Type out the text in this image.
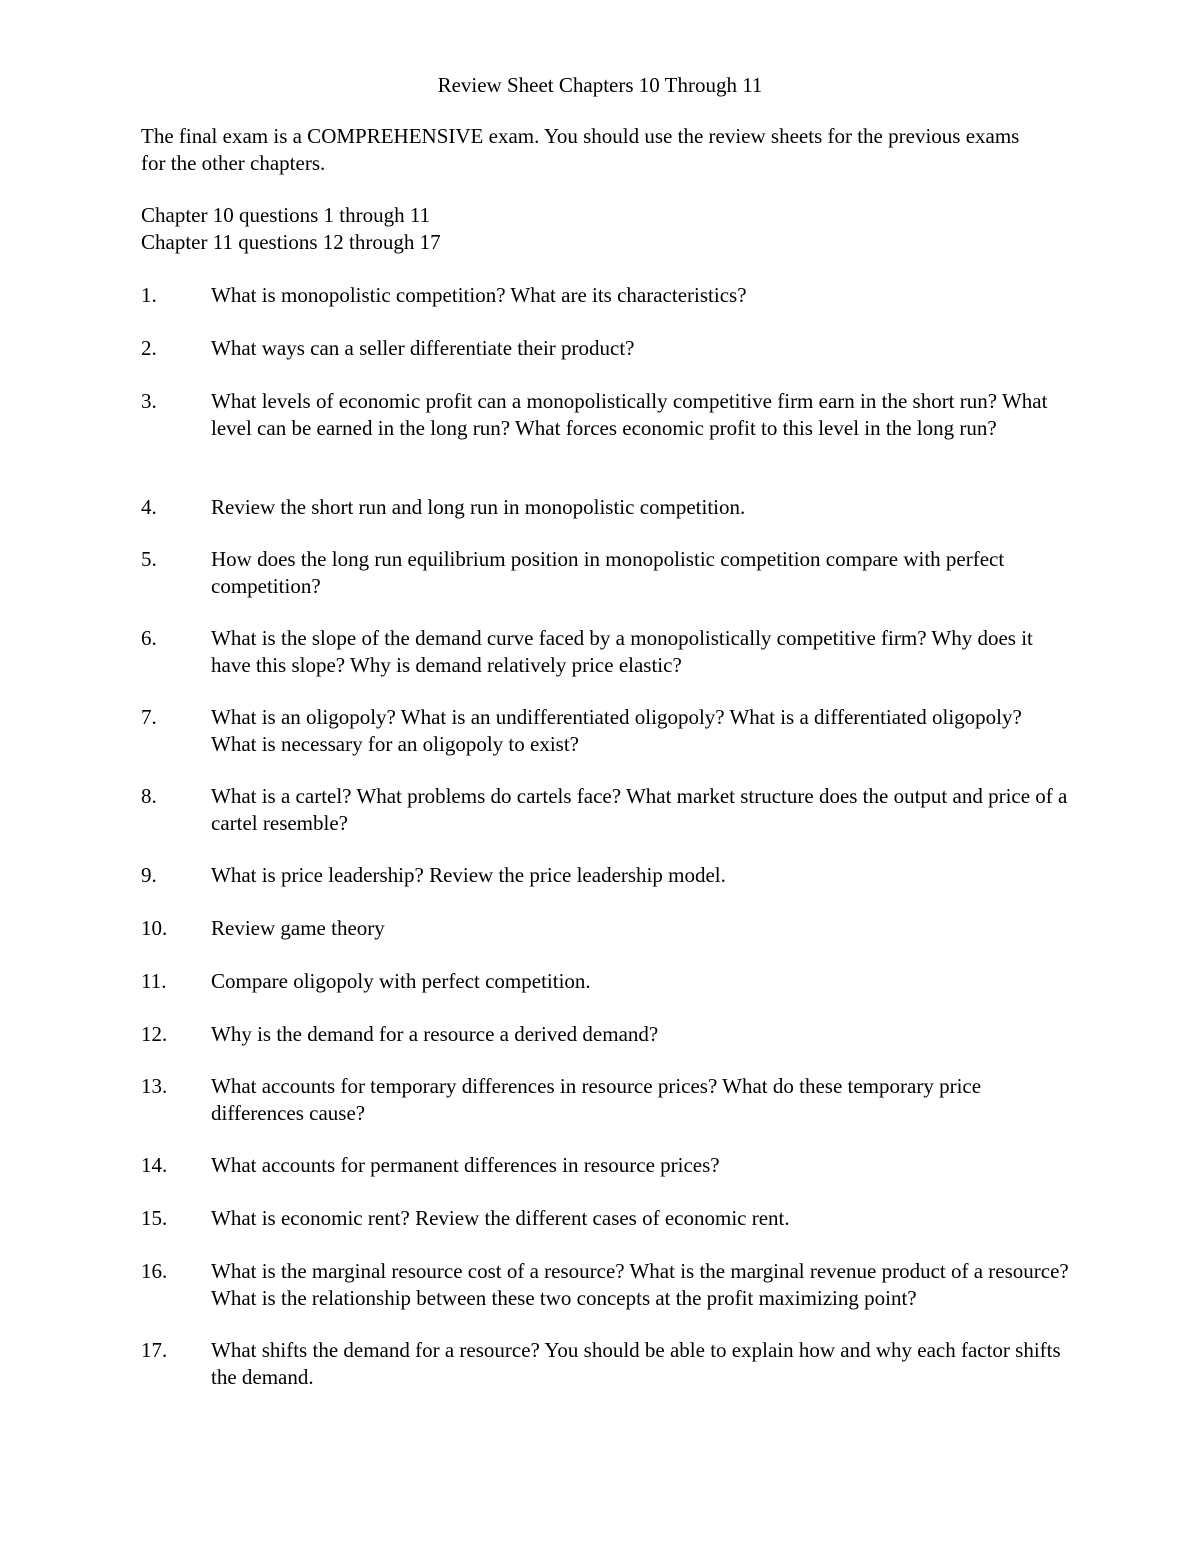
Review Sheet Chapters 10 Through 11

The final exam is a COMPREHENSIVE exam. You should use the review sheets for the previous exams for the other chapters.

Chapter 10 questions 1 through 11

Chapter 11 questions 12 through 17

1.	What is monopolistic competition? What are its characteristics?
2.	What ways can a seller differentiate their product?
3.	What levels of economic profit can a monopolistically competitive firm earn in the short run? What level can be earned in the long run? What forces economic profit to this level in the long run?
4.	Review the short run and long run in monopolistic competition.
5.	How does the long run equilibrium position in monopolistic competition compare with perfect competition?
6.	What is the slope of the demand curve faced by a monopolistically competitive firm? Why does it have this slope? Why is demand relatively price elastic?
7.	What is an oligopoly? What is an undifferentiated oligopoly? What is a differentiated oligopoly? What is necessary for an oligopoly to exist?
8.	What is a cartel? What problems do cartels face? What market structure does the output and price of a cartel resemble?
9.	What is price leadership? Review the price leadership model.
10.	Review game theory
11.	Compare oligopoly with perfect competition.
12.	Why is the demand for a resource a derived demand?
13.	What accounts for temporary differences in resource prices? What do these temporary price differences cause?
14.	What accounts for permanent differences in resource prices?
15.	What is economic rent? Review the different cases of economic rent.
16.	What is the marginal resource cost of a resource? What is the marginal revenue product of a resource? What is the relationship between these two concepts at the profit maximizing point?
17.	What shifts the demand for a resource? You should be able to explain how and why each factor shifts the demand.
